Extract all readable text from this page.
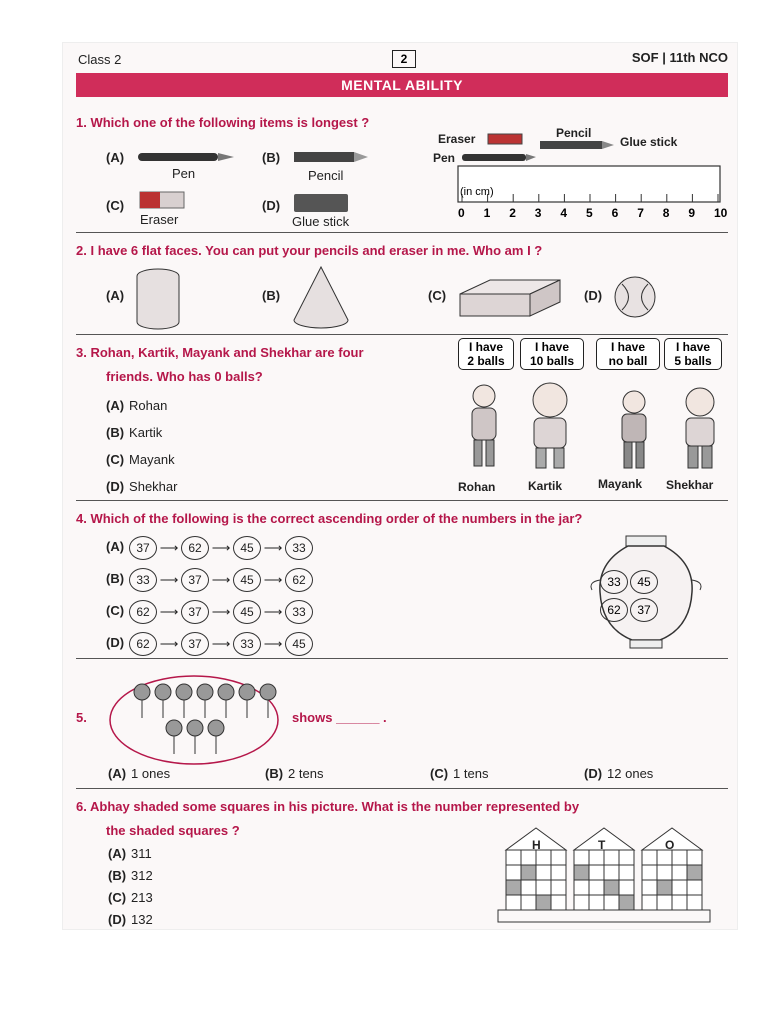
Class 2	2	SOF | 11th NCO
MENTAL ABILITY
1. Which one of the following items is longest ?
(A)
Pen
(B)
Pencil
(C)
Eraser
(D)
Glue stick
Eraser	Pencil
Glue stick
Pen
(in cm)
0 1 2 3 4 5 6 7 8 9 10
2. I have 6 flat faces. You can put your pencils and eraser in me. Who am I ?
(A)	(B)	(C)	(D)
3. Rohan, Kartik, Mayank and Shekhar are four
friends. Who has 0 balls?
(A) Rohan
(B) Kartik
(C) Mayank
(D) Shekhar
I have
2 balls
I have
10 balls
I have
no ball
I have
5 balls
Rohan	Kartik	Mayank Shekhar
4. Which of the following is the correct ascending order of the numbers in the jar?
(A) 37 ⟶ 62 ⟶ 45 ⟶ 33
(B) 33 ⟶ 37 ⟶ 45 ⟶ 62
(C) 62 ⟶ 37 ⟶ 45 ⟶ 33
(D) 62 ⟶ 37 ⟶ 33 ⟶ 45
33	45
62	37
5.	shows ______ .
(A) 1 ones	(B) 2 tens	(C) 1 tens	(D) 12 ones
6. Abhay shaded some squares in his picture. What is the number represented by
the shaded squares ?
(A) 311
(B) 312
(C) 213
(D) 132
H	T	O
